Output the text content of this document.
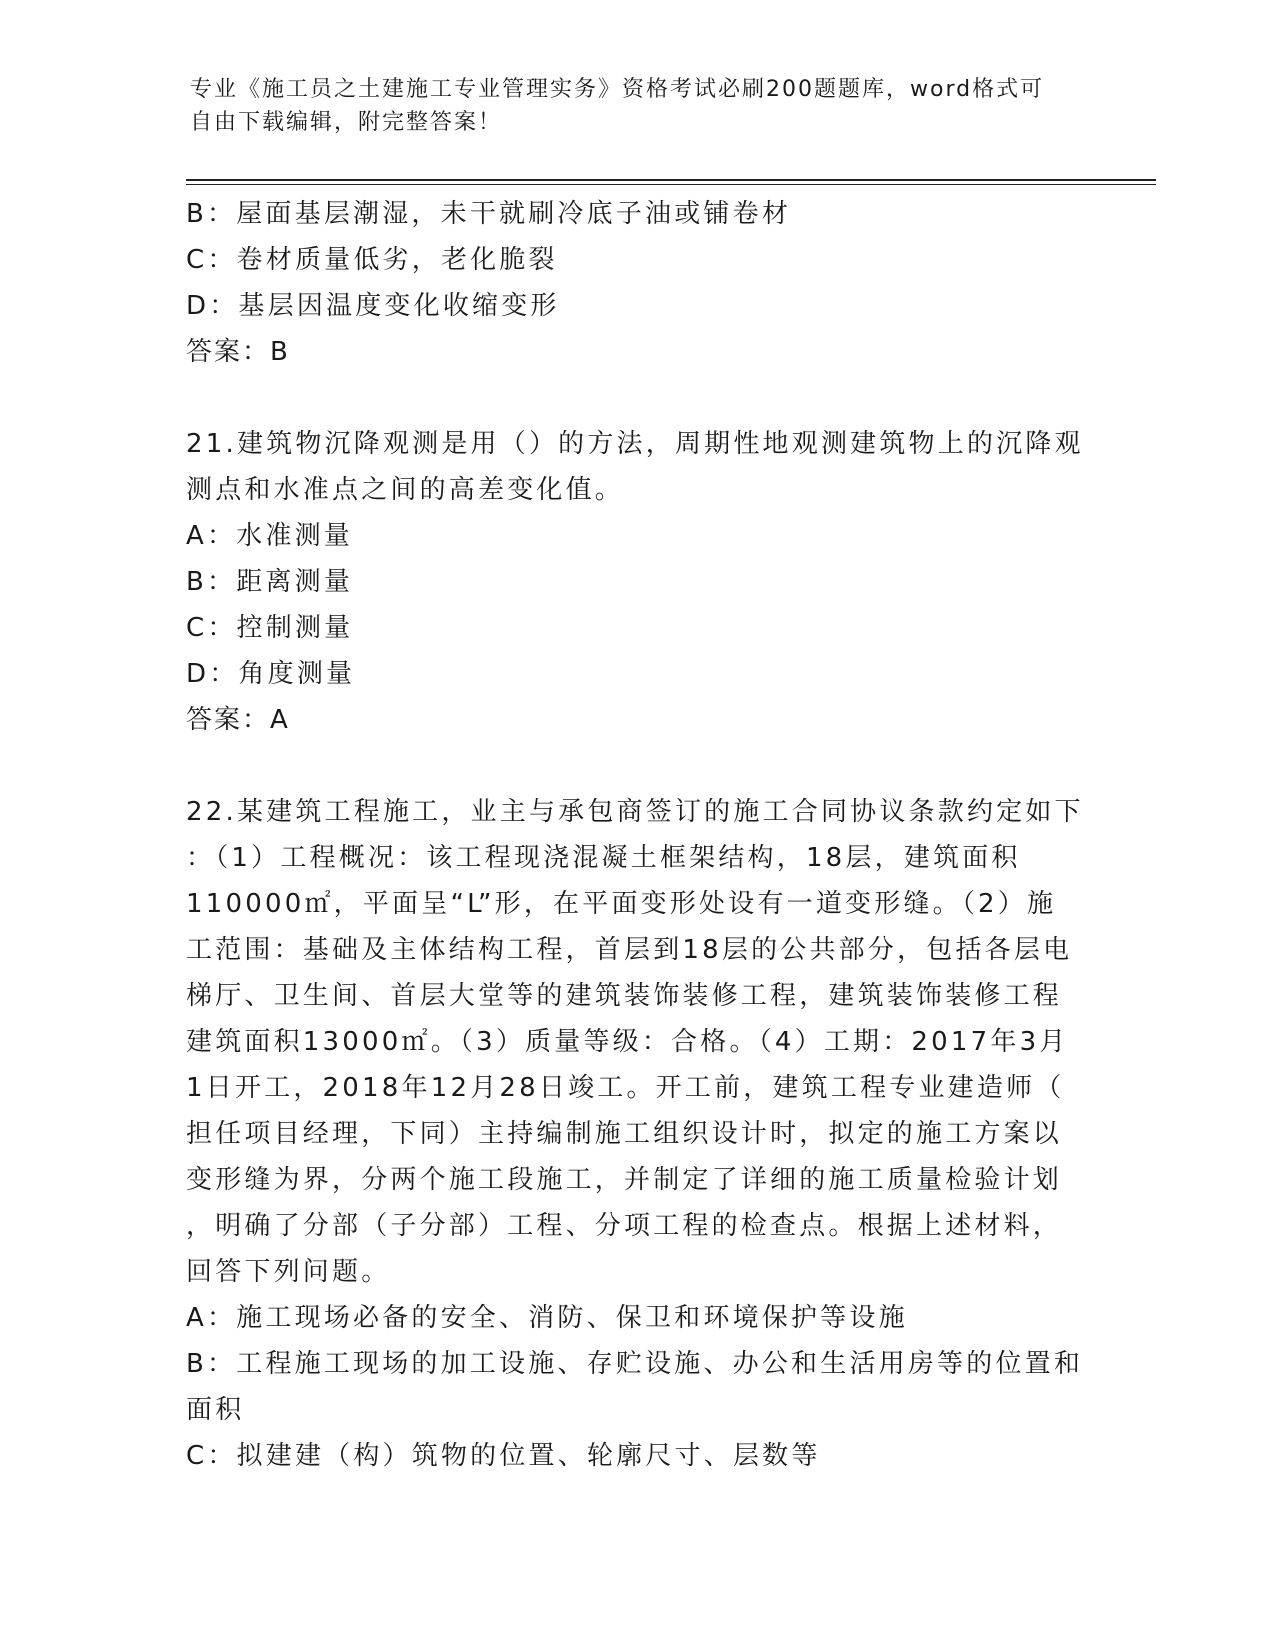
专业《施工员之土建施工专业管理实务》资格考试必刷200题题库，word格式可
自由下载编辑，附完整答案！
B：屋面基层潮湿，未干就刷冷底子油或铺卷材
C：卷材质量低劣，老化脆裂
D：基层因温度变化收缩变形
答案：B
21.建筑物沉降观测是用（）的方法，周期性地观测建筑物上的沉降观
测点和水准点之间的高差变化值。
A：水准测量
B：距离测量
C：控制测量
D：角度测量
答案：A
22.某建筑工程施工，业主与承包商签订的施工合同协议条款约定如下
：（1）工程概况：该工程现浇混凝土框架结构，18层，建筑面积
110000㎡，平面呈“L”形，在平面变形处设有一道变形缝。（2）施
工范围：基础及主体结构工程，首层到18层的公共部分，包括各层电
梯厅、卫生间、首层大堂等的建筑装饰装修工程，建筑装饰装修工程
建筑面积13000㎡。（3）质量等级：合格。（4）工期：2017年3月
1日开工，2018年12月28日竣工。开工前，建筑工程专业建造师（
担任项目经理，下同）主持编制施工组织设计时，拟定的施工方案以
变形缝为界，分两个施工段施工，并制定了详细的施工质量检验计划
，明确了分部（子分部）工程、分项工程的检查点。根据上述材料，
回答下列问题。
A：施工现场必备的安全、消防、保卫和环境保护等设施
B：工程施工现场的加工设施、存贮设施、办公和生活用房等的位置和
面积
C：拟建建（构）筑物的位置、轮廓尺寸、层数等
